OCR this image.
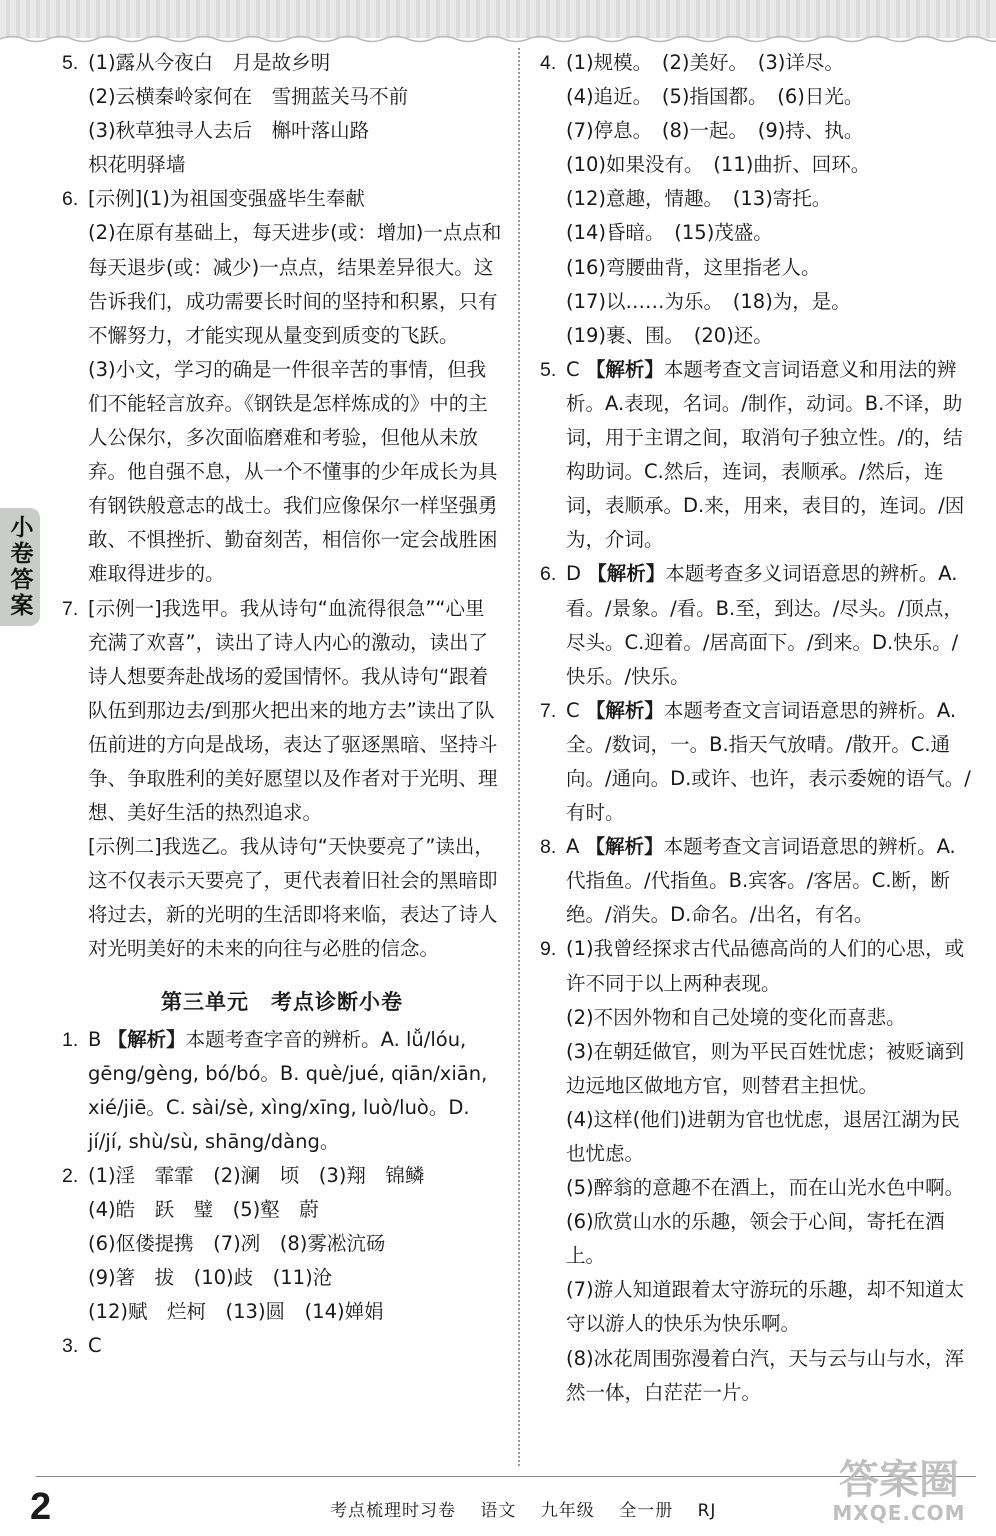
小卷答案
5. (1)露从今夜白　月是故乡明
(2)云横秦岭家何在　雪拥蓝关马不前
(3)秋草独寻人去后　槲叶落山路
枳花明驿墙
6. [示例](1)为祖国变强盛毕生奉献
(2)在原有基础上，每天进步(或：增加)一点点和每天退步(或：减少)一点点，结果差异很大。这告诉我们，成功需要长时间的坚持和积累，只有不懈努力，才能实现从量变到质变的飞跃。
(3)小文，学习的确是一件很辛苦的事情，但我们不能轻言放弃。《钢铁是怎样炼成的》中的主人公保尔，多次面临磨难和考验，但他从未放弃。他自强不息，从一个不懂事的少年成长为具有钢铁般意志的战士。我们应像保尔一样坚强勇敢、不惧挫折、勤奋刻苦，相信你一定会战胜困难取得进步的。
7. [示例一]我选甲。我从诗句“血流得很急”“心里充满了欢喜”，读出了诗人内心的激动，读出了诗人想要奔赴战场的爱国情怀。我从诗句“跟着队伍到那边去/到那火把出来的地方去”读出了队伍前进的方向是战场，表达了驱逐黑暗、坚持斗争、争取胜利的美好愿望以及作者对于光明、理想、美好生活的热烈追求。
[示例二]我选乙。我从诗句“天快要亮了”读出，这不仅表示天要亮了，更代表着旧社会的黑暗即将过去，新的光明的生活即将来临，表达了诗人对光明美好的未来的向往与必胜的信念。
第三单元　考点诊断小卷
1. B 【解析】本题考查字音的辨析。A. lǚ/lóu, gēng/gèng, bó/bó。B. què/jué, qiān/xiān, xié/jiē。C. sài/sè, xìng/xīng, luò/luò。D. jí/jí, shù/sù, shāng/dàng。
2. (1)淫　霏霏　(2)澜　顷　(3)翔　锦鳞
(4)皓　跃　璧　(5)壑　蔚
(6)伛偻提携　(7)冽　(8)雾凇沆砀
(9)箸　拔　(10)歧　(11)沧
(12)赋　烂柯　(13)圆　(14)婵娟
3. C
4. (1)规模。　(2)美好。　(3)详尽。
(4)追近。　(5)指国都。　(6)日光。
(7)停息。　(8)一起。　(9)持、执。
(10)如果没有。　(11)曲折、回环。
(12)意趣，情趣。　(13)寄托。
(14)昏暗。　(15)茂盛。
(16)弯腰曲背，这里指老人。
(17)以……为乐。　(18)为，是。
(19)裹、围。　(20)还。
5. C 【解析】本题考查文言词语意义和用法的辨析。A.表现，名词。/制作，动词。B.不译，助词，用于主谓之间，取消句子独立性。/的，结构助词。C.然后，连词，表顺承。/然后，连词，表顺承。D.来，用来，表目的，连词。/因为，介词。
6. D 【解析】本题考查多义词语意思的辨析。A.看。/景象。/看。B.至，到达。/尽头。/顶点，尽头。C.迎着。/居高面下。/到来。D.快乐。/快乐。/快乐。
7. C 【解析】本题考查文言词语意思的辨析。A.全。/数词，一。B.指天气放晴。/散开。C.通向。/通向。D.或许、也许，表示委婉的语气。/有时。
8. A 【解析】本题考查文言词语意思的辨析。A.代指鱼。/代指鱼。B.宾客。/客居。C.断，断绝。/消失。D.命名。/出名，有名。
9. (1)我曾经探求古代品德高尚的人们的心思，或许不同于以上两种表现。
(2)不因外物和自己处境的变化而喜悲。
(3)在朝廷做官，则为平民百姓忧虑；被贬谪到边远地区做地方官，则替君主担忧。
(4)这样(他们)进朝为官也忧虑，退居江湖为民也忧虑。
(5)醉翁的意趣不在酒上，而在山光水色中啊。
(6)欣赏山水的乐趣，领会于心间，寄托在酒上。
(7)游人知道跟着太守游玩的乐趣，却不知道太守以游人的快乐为快乐啊。
(8)冰花周围弥漫着白汽，天与云与山与水，浑然一体，白茫茫一片。
2	考点梳理时习卷 语文 九年级 全一册 RJ
答案圈
MXQE.COM
